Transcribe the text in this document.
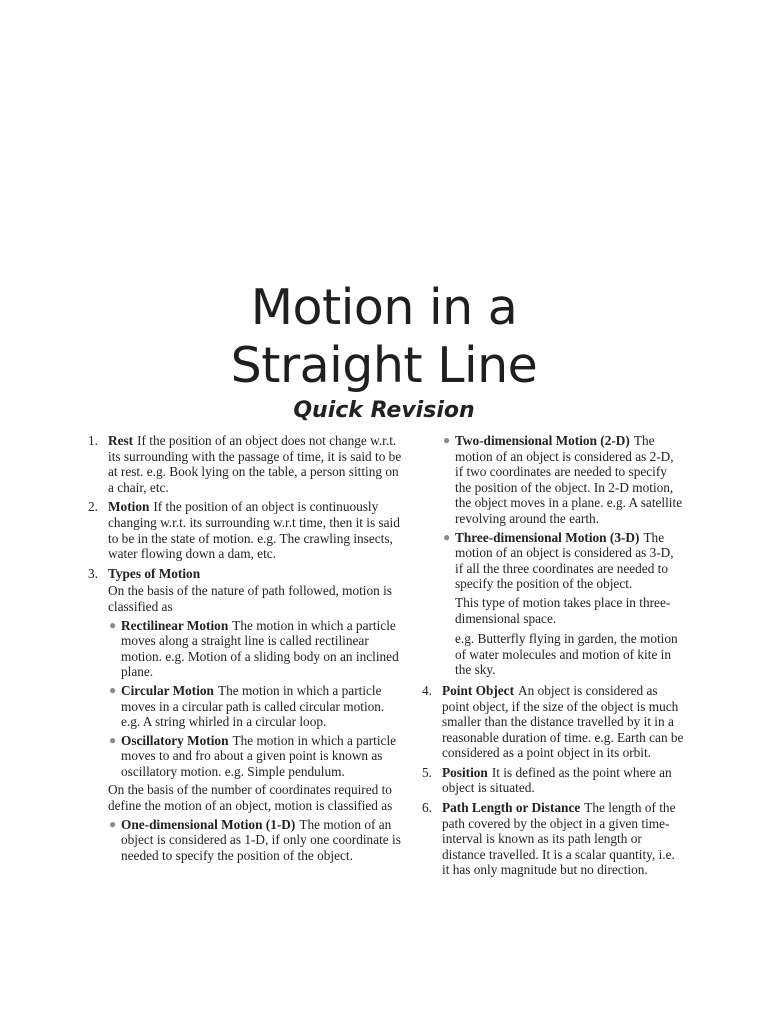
Motion in a
Straight Line
Quick Revision
1. Rest If the position of an object does not change w.r.t. its surrounding with the passage of time, it is said to be at rest. e.g. Book lying on the table, a person sitting on a chair, etc.

2. Motion If the position of an object is continuously changing w.r.t. its surrounding w.r.t time, then it is said to be in the state of motion. e.g. The crawling insects, water flowing down a dam, etc.

3. Types of Motion

On the basis of the nature of path followed, motion is classified as

● Rectilinear Motion The motion in which a particle moves along a straight line is called rectilinear motion. e.g. Motion of a sliding body on an inclined plane.
● Circular Motion The motion in which a particle moves in a circular path is called circular motion. e.g. A string whirled in a circular loop.
● Oscillatory Motion The motion in which a particle moves to and fro about a given point is known as oscillatory motion. e.g. Simple pendulum.

On the basis of the number of coordinates required to define the motion of an object, motion is classified as

● One-dimensional Motion (1-D) The motion of an object is considered as 1-D, if only one coordinate is needed to specify the position of the object.
● Two-dimensional Motion (2-D) The motion of an object is considered as 2-D, if two coordinates are needed to specify the position of the object. In 2-D motion, the object moves in a plane. e.g. A satellite revolving around the earth.
● Three-dimensional Motion (3-D) The motion of an object is considered as 3-D, if all the three coordinates are needed to specify the position of the object.

This type of motion takes place in three-dimensional space.

e.g. Butterfly flying in garden, the motion of water molecules and motion of kite in the sky.

4. Point Object An object is considered as point object, if the size of the object is much smaller than the distance travelled by it in a reasonable duration of time. e.g. Earth can be considered as a point object in its orbit.

5. Position It is defined as the point where an object is situated.

6. Path Length or Distance The length of the path covered by the object in a given time-interval is known as its path length or distance travelled. It is a scalar quantity, i.e. it has only magnitude but no direction.
